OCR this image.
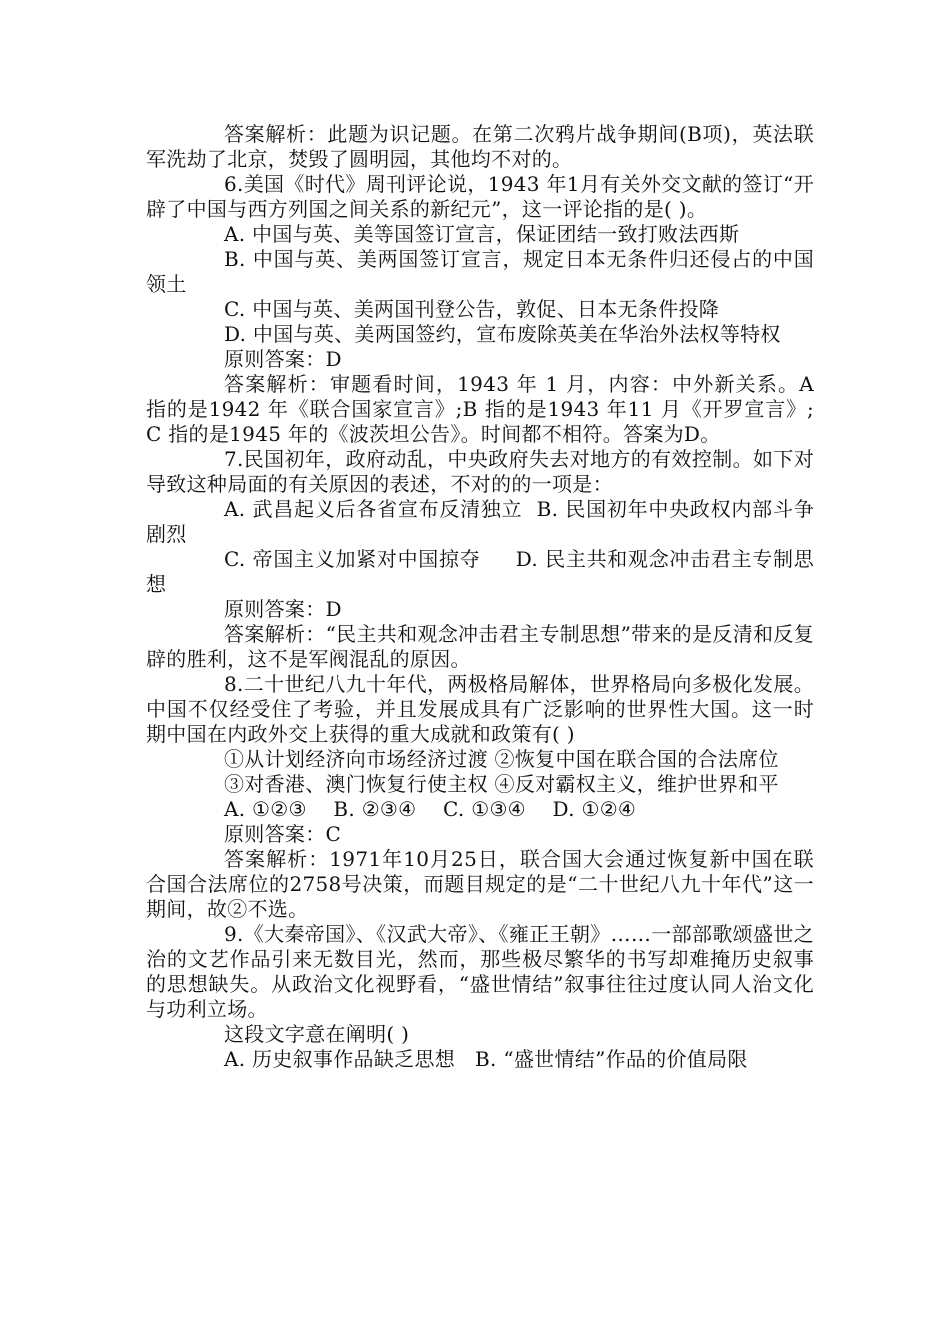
答案解析：此题为识记题。在第二次鸦片战争期间(B项)，英法联军洗劫了北京，焚毁了圆明园，其他均不对的。

6.美国《时代》周刊评论说，1943 年1月有关外交文献的签订“开辟了中国与西方列国之间关系的新纪元”，这一评论指的是( )。

A. 中国与英、美等国签订宣言，保证团结一致打败法西斯

B. 中国与英、美两国签订宣言，规定日本无条件归还侵占的中国领土

C. 中国与英、美两国刊登公告，敦促、日本无条件投降

D. 中国与英、美两国签约，宣布废除英美在华治外法权等特权

原则答案：D

答案解析：审题看时间，1943 年 1 月，内容：中外新关系。A 指的是1942 年《联合国家宣言》;B 指的是1943 年11 月《开罗宣言》;C 指的是1945 年的《波茨坦公告》。时间都不相符。答案为D。

7.民国初年，政府动乱，中央政府失去对地方的有效控制。如下对导致这种局面的有关原因的表述，不对的的一项是：

A. 武昌起义后各省宣布反清独立  B. 民国初年中央政权内部斗争剧烈

C. 帝国主义加紧对中国掠夺     D. 民主共和观念冲击君主专制思想

原则答案：D

答案解析：“民主共和观念冲击君主专制思想”带来的是反清和反复辟的胜利，这不是军阀混乱的原因。

8.二十世纪八九十年代，两极格局解体，世界格局向多极化发展。中国不仅经受住了考验，并且发展成具有广泛影响的世界性大国。这一时期中国在内政外交上获得的重大成就和政策有( )

①从计划经济向市场经济过渡 ②恢复中国在联合国的合法席位

③对香港、澳门恢复行使主权 ④反对霸权主义，维护世界和平

A. ①②③    B. ②③④    C. ①③④    D. ①②④

原则答案：C

答案解析：1971年10月25日，联合国大会通过恢复新中国在联合国合法席位的2758号决策，而题目规定的是“二十世纪八九十年代”这一期间，故②不选。

9.《大秦帝国》、《汉武大帝》、《雍正王朝》……一部部歌颂盛世之治的文艺作品引来无数目光，然而，那些极尽繁华的书写却难掩历史叙事的思想缺失。从政治文化视野看，“盛世情结”叙事往往过度认同人治文化与功利立场。

这段文字意在阐明( )

A. 历史叙事作品缺乏思想   B. “盛世情结”作品的价值局限
